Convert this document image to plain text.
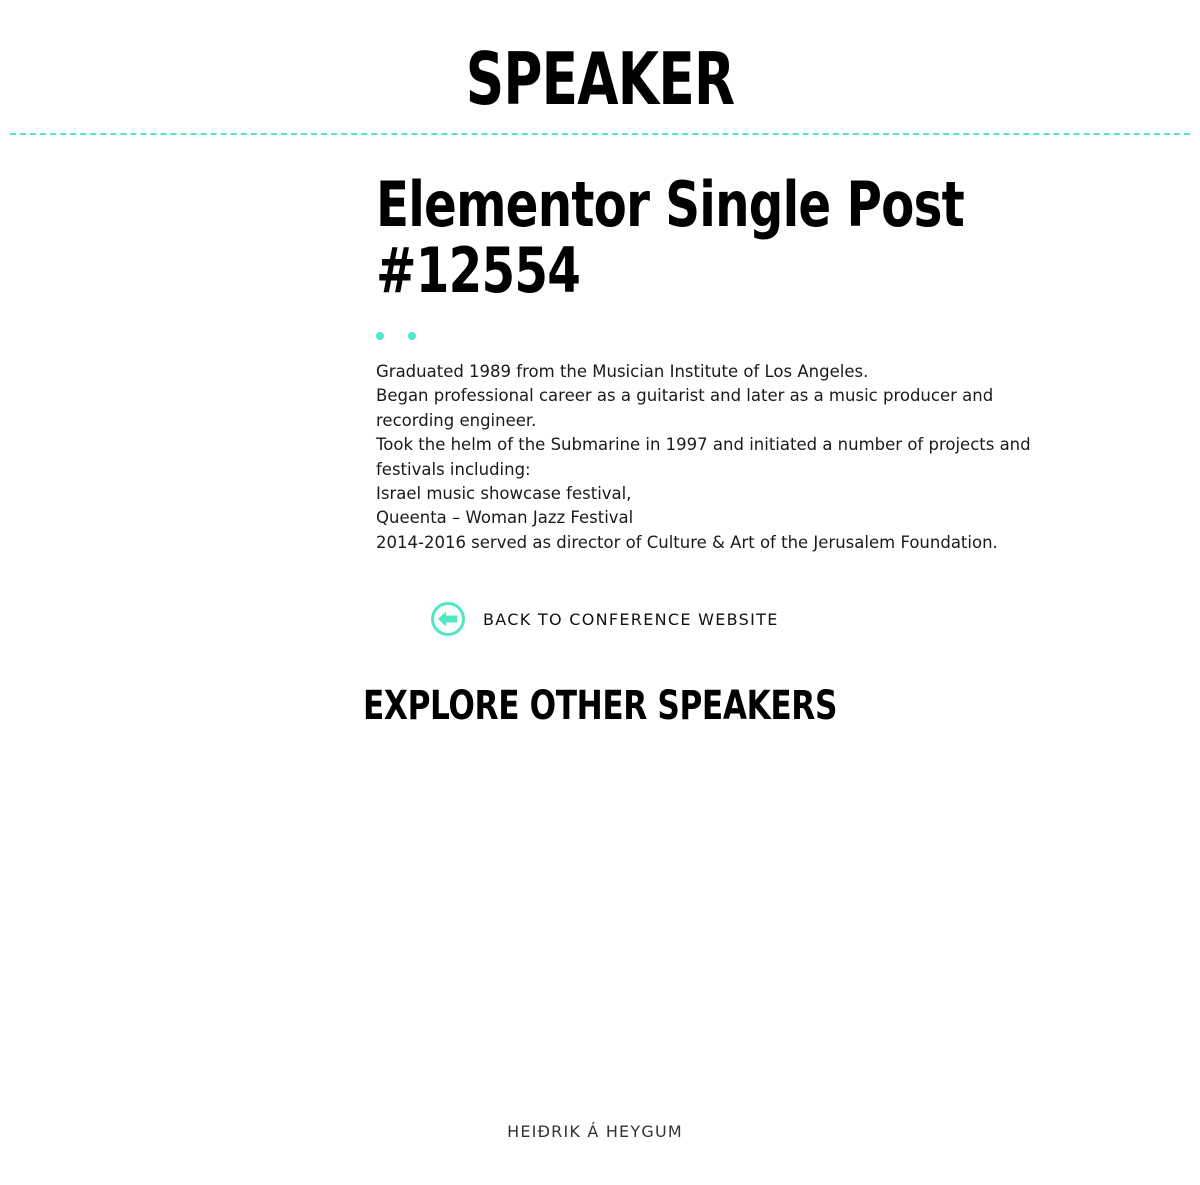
SPEAKER
Elementor Single Post #12554
Graduated 1989 from the Musician Institute of Los Angeles.
Began professional career as a guitarist and later as a music producer and recording engineer.
Took the helm of the Submarine in 1997 and initiated a number of projects and festivals including:
Israel music showcase festival,
Queenta – Woman Jazz Festival
2014-2016 served as director of Culture & Art of the Jerusalem Foundation.
BACK TO CONFERENCE WEBSITE
EXPLORE OTHER SPEAKERS
HEIÐRIK Á HEYGUM
